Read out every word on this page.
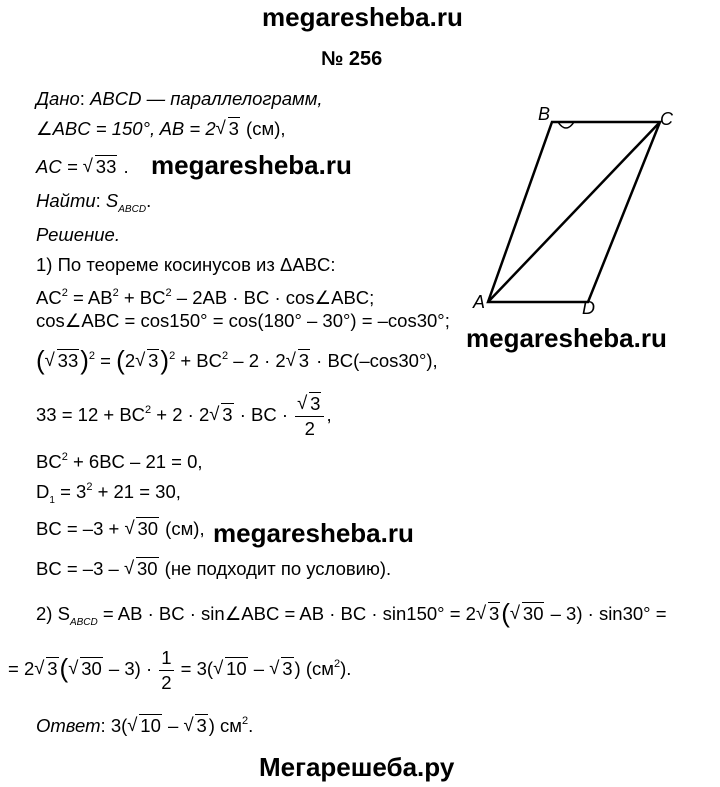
megaresheba.ru
megaresheba.ru
megaresheba.ru
megaresheba.ru
Мегарешеба.ру
№ 256
B	C
A	D
Дано: ABCD — параллелограмм,
∠ABC = 150°, AB = 2√ 3 (см),
AC = √ 33 .
Найти: $S_{ABCD}$.
Решение.
1) По теореме косинусов из ΔABC:
$AC^2 = AB^2 + BC^2 - 2AB$ · BC · cos∠ABC;
cos∠ABC = cos150° = cos(180° – 30°) = –cos30°;
(√ 33)$^2$ = (2√ $3)^2 + BC^2 - 2 \cdot 2√$ 3 · BC(–cos30°),
$33 = 12 + BC^2 + 2 \cdot 2√$ 3 · BC ·
√ $\frac{3}{2}$ ,
$BC^2 + 6BC - 21 = 0$,
$D_1 = 3^2 + 21 = 30$,
BC = –3 + √ 30 (см),
BC = –3 – √ 30 (не подходит по условию).
2) $S_{ABCD}$ = AB · BC · sin∠ABC = AB · BC · sin150° = 2√ 3(√ 30 – 3) · sin30° =
= 2√ 3(√ $30 - 3) \cdot \frac{1}{2} = 3(√$ 10 – √ 3 ) $(см^2)$.
Ответ: 3(√ 10 – √ 3 ) $см^2$.
